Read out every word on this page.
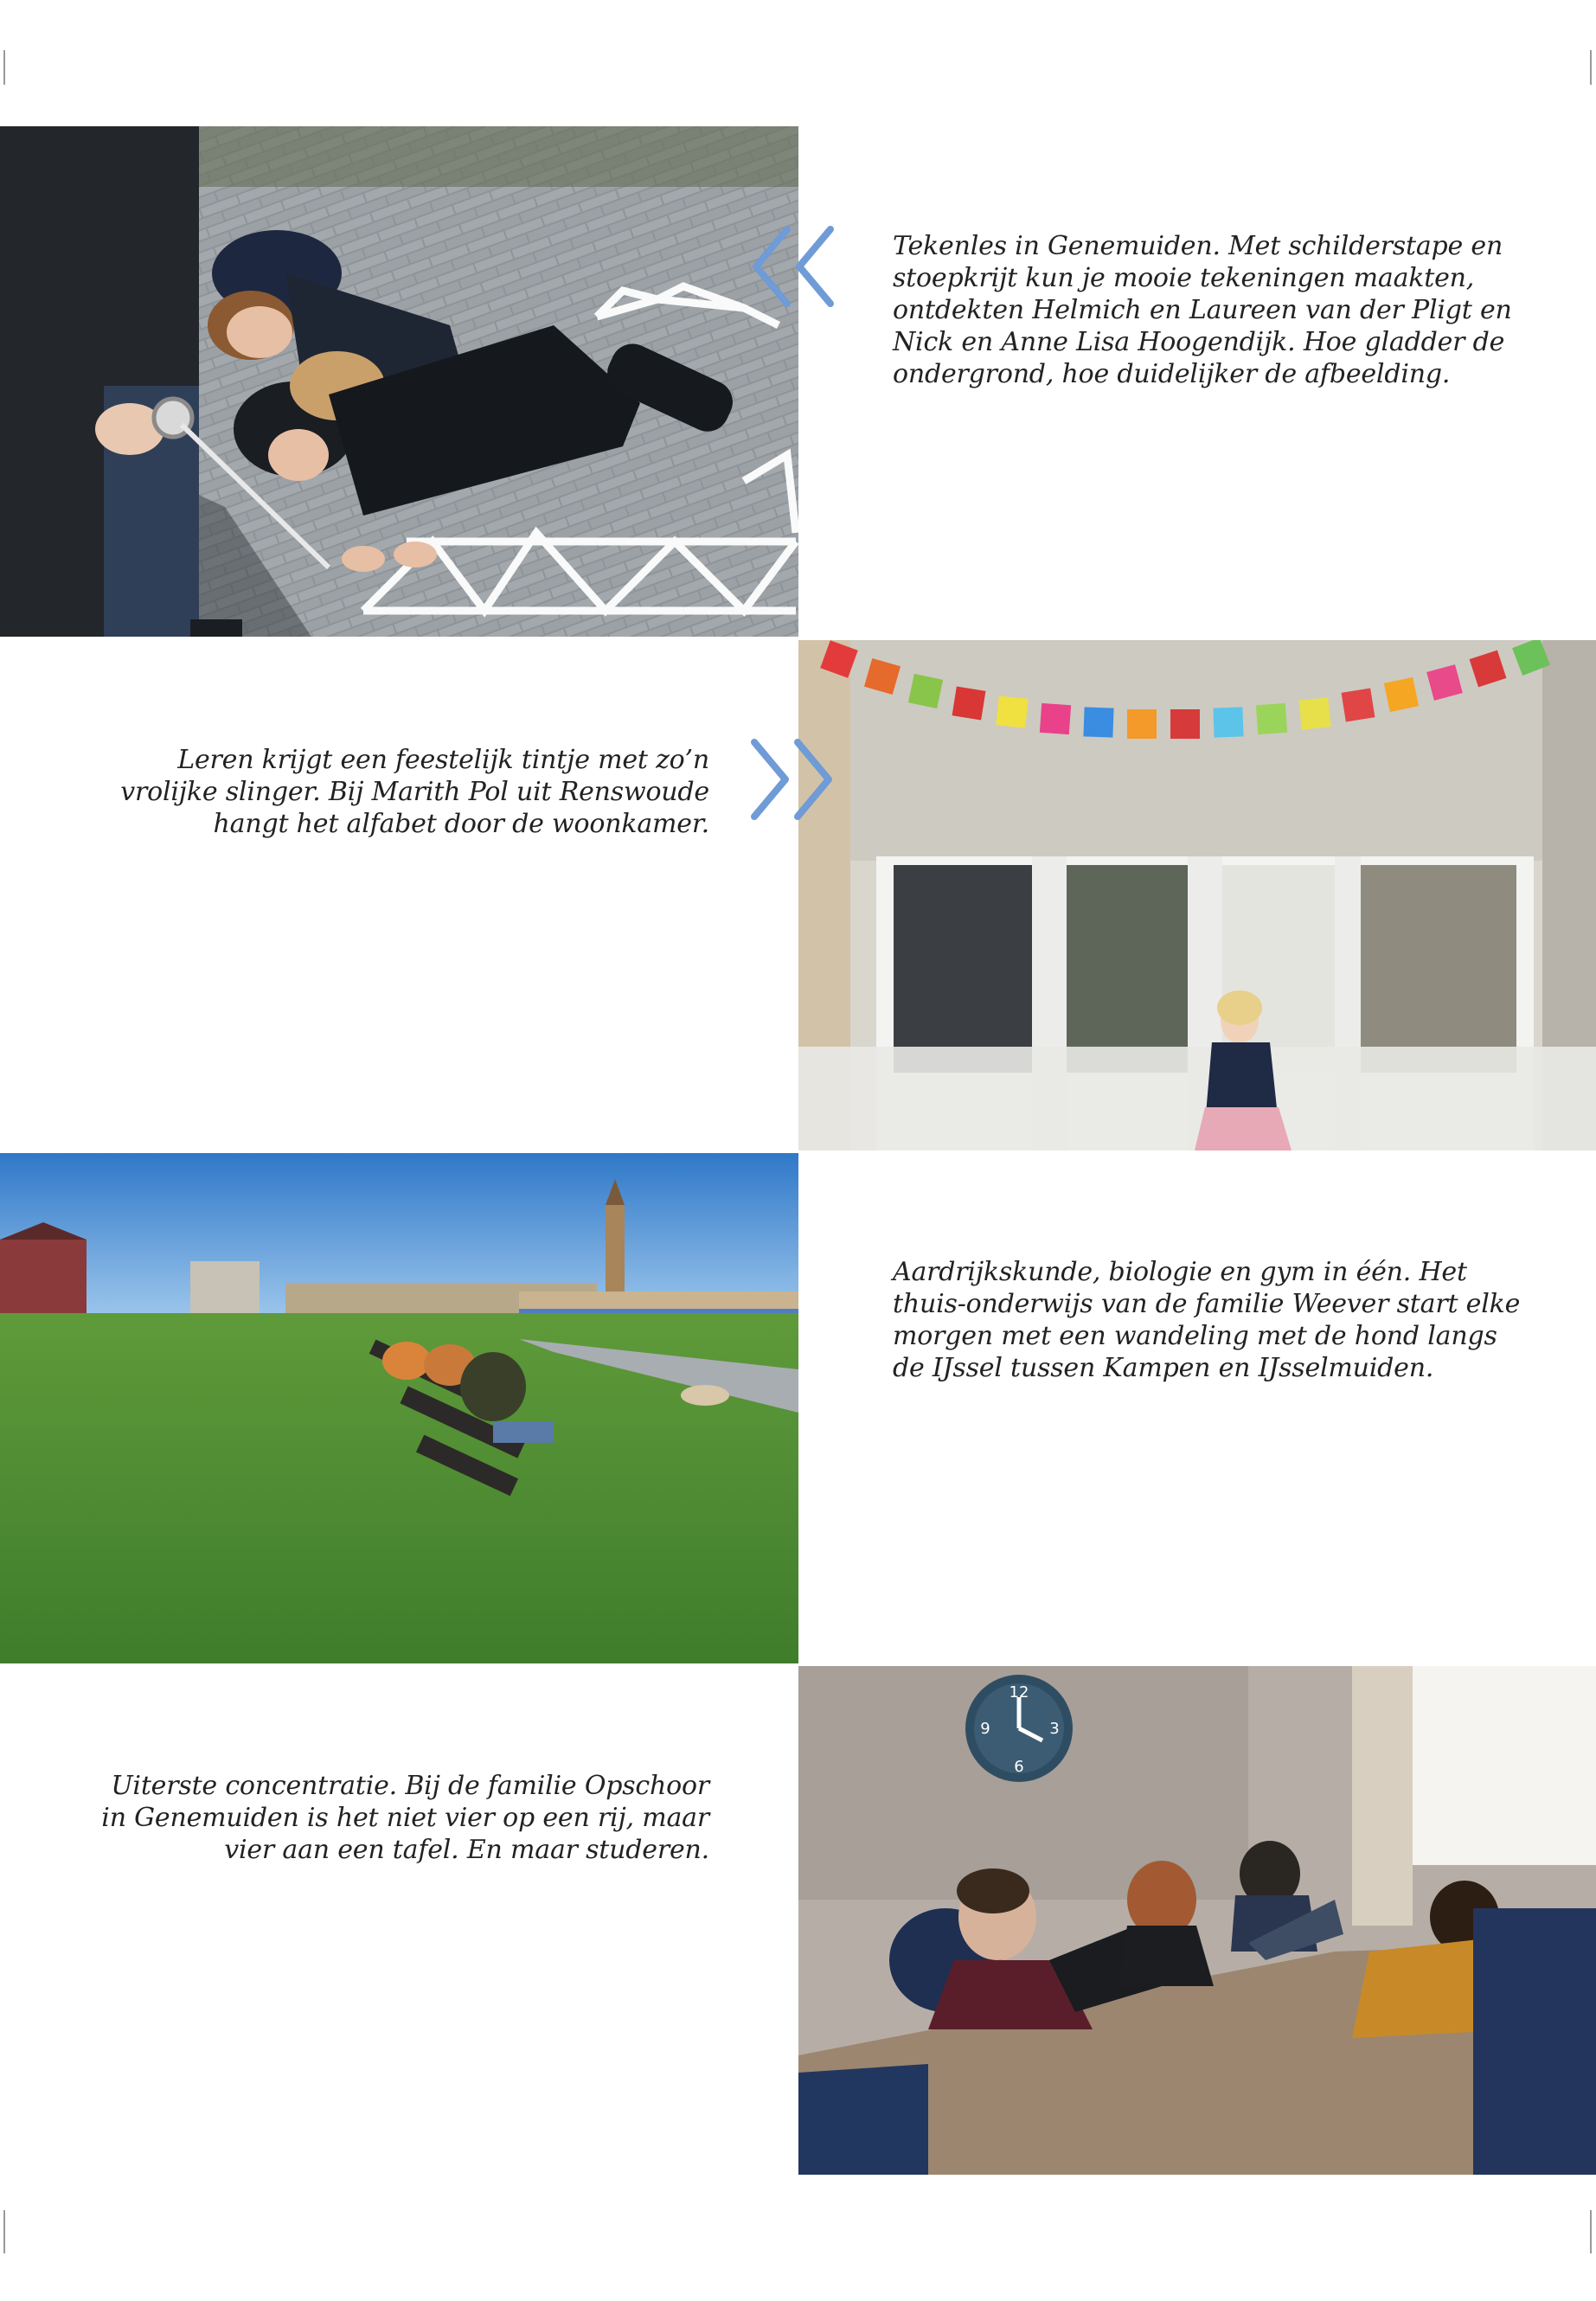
Tekenles in Genemuiden. Met schilderstape en stoepkrijt kun je mooie tekeningen maakten, ontdekten Helmich en Laureen van der Pligt en Nick en Anne Lisa Hoogendijk. Hoe gladder de ondergrond, hoe duidelijker de afbeelding.
Leren krijgt een feestelijk tintje met zo’n vrolijke slinger. Bij Marith Pol uit Renswoude hangt het alfabet door de woonkamer.
Aardrijkskunde, biologie en gym in één. Het thuis-onderwijs van de familie Weever start elke morgen met een wandeling met de hond langs de IJssel tussen Kampen en IJsselmuiden.
12
3
6
9
Uiterste concentratie. Bij de familie Opschoor in Genemuiden is het niet vier op een rij, maar vier aan een tafel. En maar studeren.
